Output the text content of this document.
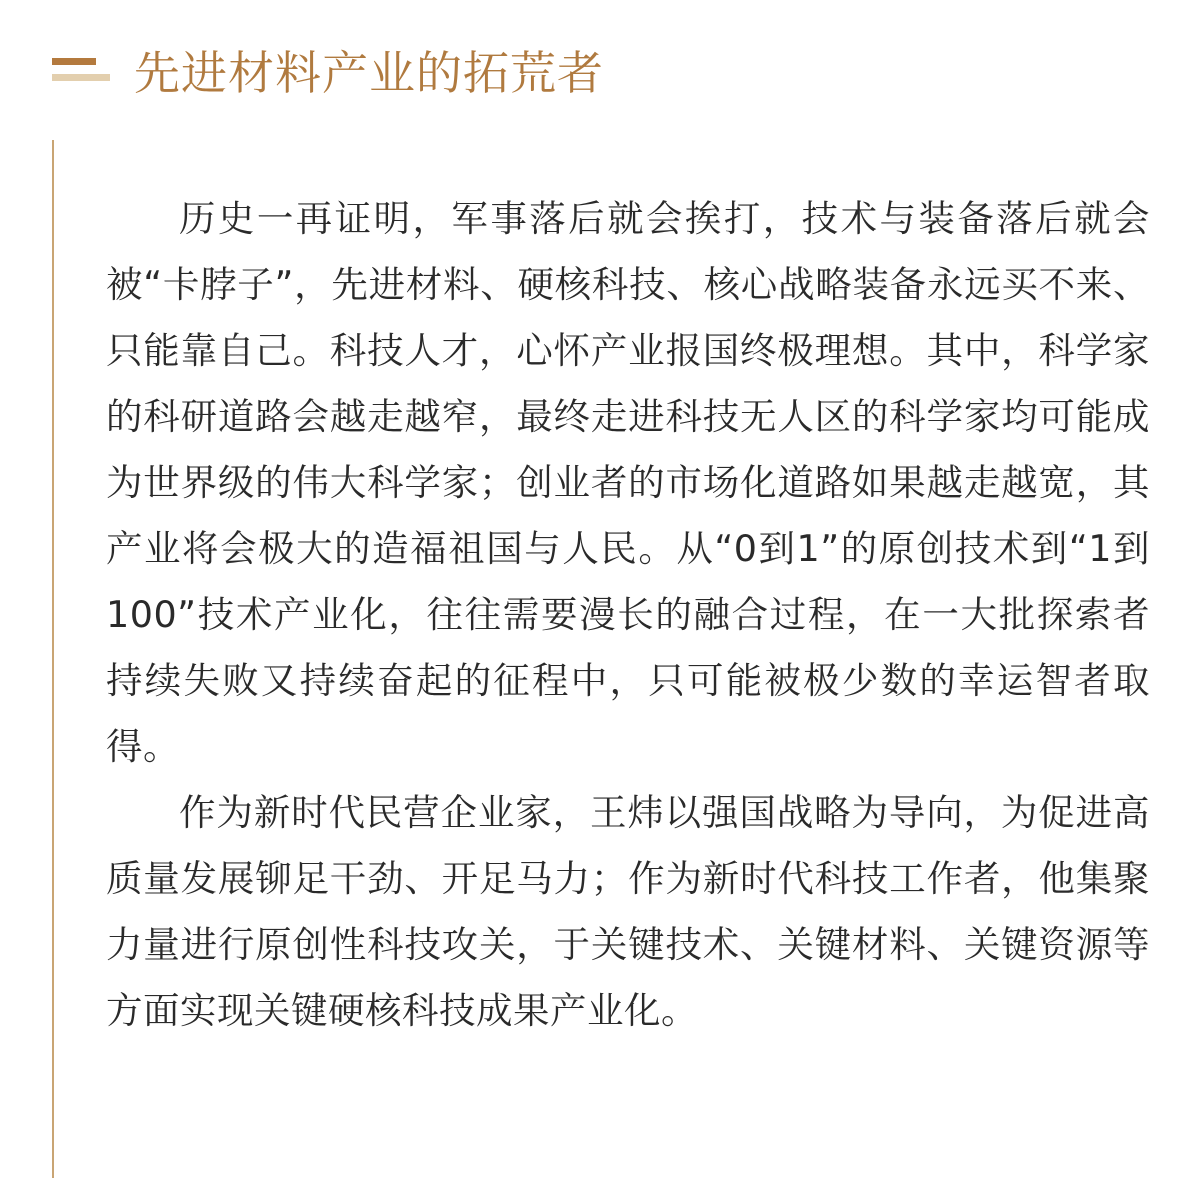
先进材料产业的拓荒者

历史一再证明，军事落后就会挨打，技术与装备落后就会被“卡脖子”，先进材料、硬核科技、核心战略装备永远买不来、只能靠自己。科技人才，心怀产业报国终极理想。其中，科学家的科研道路会越走越窄，最终走进科技无人区的科学家均可能成为世界级的伟大科学家；创业者的市场化道路如果越走越宽，其产业将会极大的造福祖国与人民。从“0到1”的原创技术到“1到100”技术产业化，往往需要漫长的融合过程，在一大批探索者持续失败又持续奋起的征程中，只可能被极少数的幸运智者取得。

作为新时代民营企业家，王炜以强国战略为导向，为促进高质量发展铆足干劲、开足马力；作为新时代科技工作者，他集聚力量进行原创性科技攻关，于关键技术、关键材料、关键资源等方面实现关键硬核科技成果产业化。
